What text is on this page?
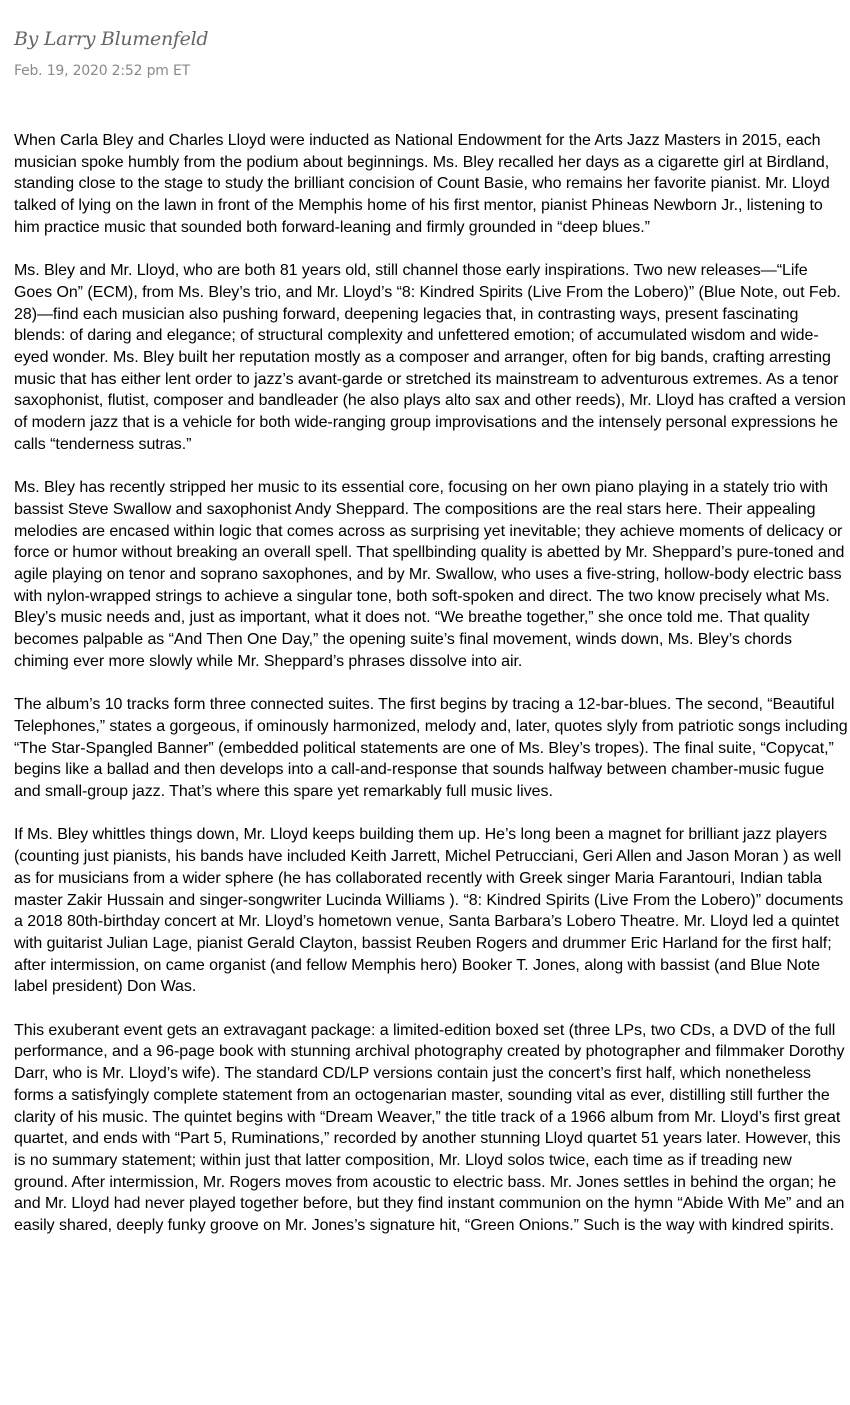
By Larry Blumenfeld
Feb. 19, 2020 2:52 pm ET

When Carla Bley and Charles Lloyd were inducted as National Endowment for the Arts Jazz Masters in 2015, each musician spoke humbly from the podium about beginnings. Ms. Bley recalled her days as a cigarette girl at Birdland, standing close to the stage to study the brilliant concision of Count Basie, who remains her favorite pianist. Mr. Lloyd talked of lying on the lawn in front of the Memphis home of his first mentor, pianist Phineas Newborn Jr., listening to him practice music that sounded both forward-leaning and firmly grounded in “deep blues.”

Ms. Bley and Mr. Lloyd, who are both 81 years old, still channel those early inspirations. Two new releases—“Life Goes On” (ECM), from Ms. Bley’s trio, and Mr. Lloyd’s “8: Kindred Spirits (Live From the Lobero)” (Blue Note, out Feb. 28)—find each musician also pushing forward, deepening legacies that, in contrasting ways, present fascinating blends: of daring and elegance; of structural complexity and unfettered emotion; of accumulated wisdom and wide-eyed wonder. Ms. Bley built her reputation mostly as a composer and arranger, often for big bands, crafting arresting music that has either lent order to jazz’s avant-garde or stretched its mainstream to adventurous extremes. As a tenor saxophonist, flutist, composer and bandleader (he also plays alto sax and other reeds), Mr. Lloyd has crafted a version of modern jazz that is a vehicle for both wide-ranging group improvisations and the intensely personal expressions he calls “tenderness sutras.”

Ms. Bley has recently stripped her music to its essential core, focusing on her own piano playing in a stately trio with bassist Steve Swallow and saxophonist Andy Sheppard. The compositions are the real stars here. Their appealing melodies are encased within logic that comes across as surprising yet inevitable; they achieve moments of delicacy or force or humor without breaking an overall spell. That spellbinding quality is abetted by Mr. Sheppard’s pure-toned and agile playing on tenor and soprano saxophones, and by Mr. Swallow, who uses a five-string, hollow-body electric bass with nylon-wrapped strings to achieve a singular tone, both soft-spoken and direct. The two know precisely what Ms. Bley’s music needs and, just as important, what it does not. “We breathe together,” she once told me. That quality becomes palpable as “And Then One Day,” the opening suite’s final movement, winds down, Ms. Bley’s chords chiming ever more slowly while Mr. Sheppard’s phrases dissolve into air.

The album’s 10 tracks form three connected suites. The first begins by tracing a 12-bar-blues. The second, “Beautiful Telephones,” states a gorgeous, if ominously harmonized, melody and, later, quotes slyly from patriotic songs including “The Star-Spangled Banner” (embedded political statements are one of Ms. Bley’s tropes). The final suite, “Copycat,” begins like a ballad and then develops into a call-and-response that sounds halfway between chamber-music fugue and small-group jazz. That’s where this spare yet remarkably full music lives.

If Ms. Bley whittles things down, Mr. Lloyd keeps building them up. He’s long been a magnet for brilliant jazz players (counting just pianists, his bands have included Keith Jarrett, Michel Petrucciani, Geri Allen and Jason Moran ) as well as for musicians from a wider sphere (he has collaborated recently with Greek singer Maria Farantouri, Indian tabla master Zakir Hussain and singer-songwriter Lucinda Williams ). “8: Kindred Spirits (Live From the Lobero)” documents a 2018 80th-birthday concert at Mr. Lloyd’s hometown venue, Santa Barbara’s Lobero Theatre. Mr. Lloyd led a quintet with guitarist Julian Lage, pianist Gerald Clayton, bassist Reuben Rogers and drummer Eric Harland for the first half; after intermission, on came organist (and fellow Memphis hero) Booker T. Jones, along with bassist (and Blue Note label president) Don Was.

This exuberant event gets an extravagant package: a limited-edition boxed set (three LPs, two CDs, a DVD of the full performance, and a 96-page book with stunning archival photography created by photographer and filmmaker Dorothy Darr, who is Mr. Lloyd’s wife). The standard CD/LP versions contain just the concert’s first half, which nonetheless forms a satisfyingly complete statement from an octogenarian master, sounding vital as ever, distilling still further the clarity of his music. The quintet begins with “Dream Weaver,” the title track of a 1966 album from Mr. Lloyd’s first great quartet, and ends with “Part 5, Ruminations,” recorded by another stunning Lloyd quartet 51 years later. However, this is no summary statement; within just that latter composition, Mr. Lloyd solos twice, each time as if treading new ground. After intermission, Mr. Rogers moves from acoustic to electric bass. Mr. Jones settles in behind the organ; he and Mr. Lloyd had never played together before, but they find instant communion on the hymn “Abide With Me” and an easily shared, deeply funky groove on Mr. Jones’s signature hit, “Green Onions.” Such is the way with kindred spirits.
